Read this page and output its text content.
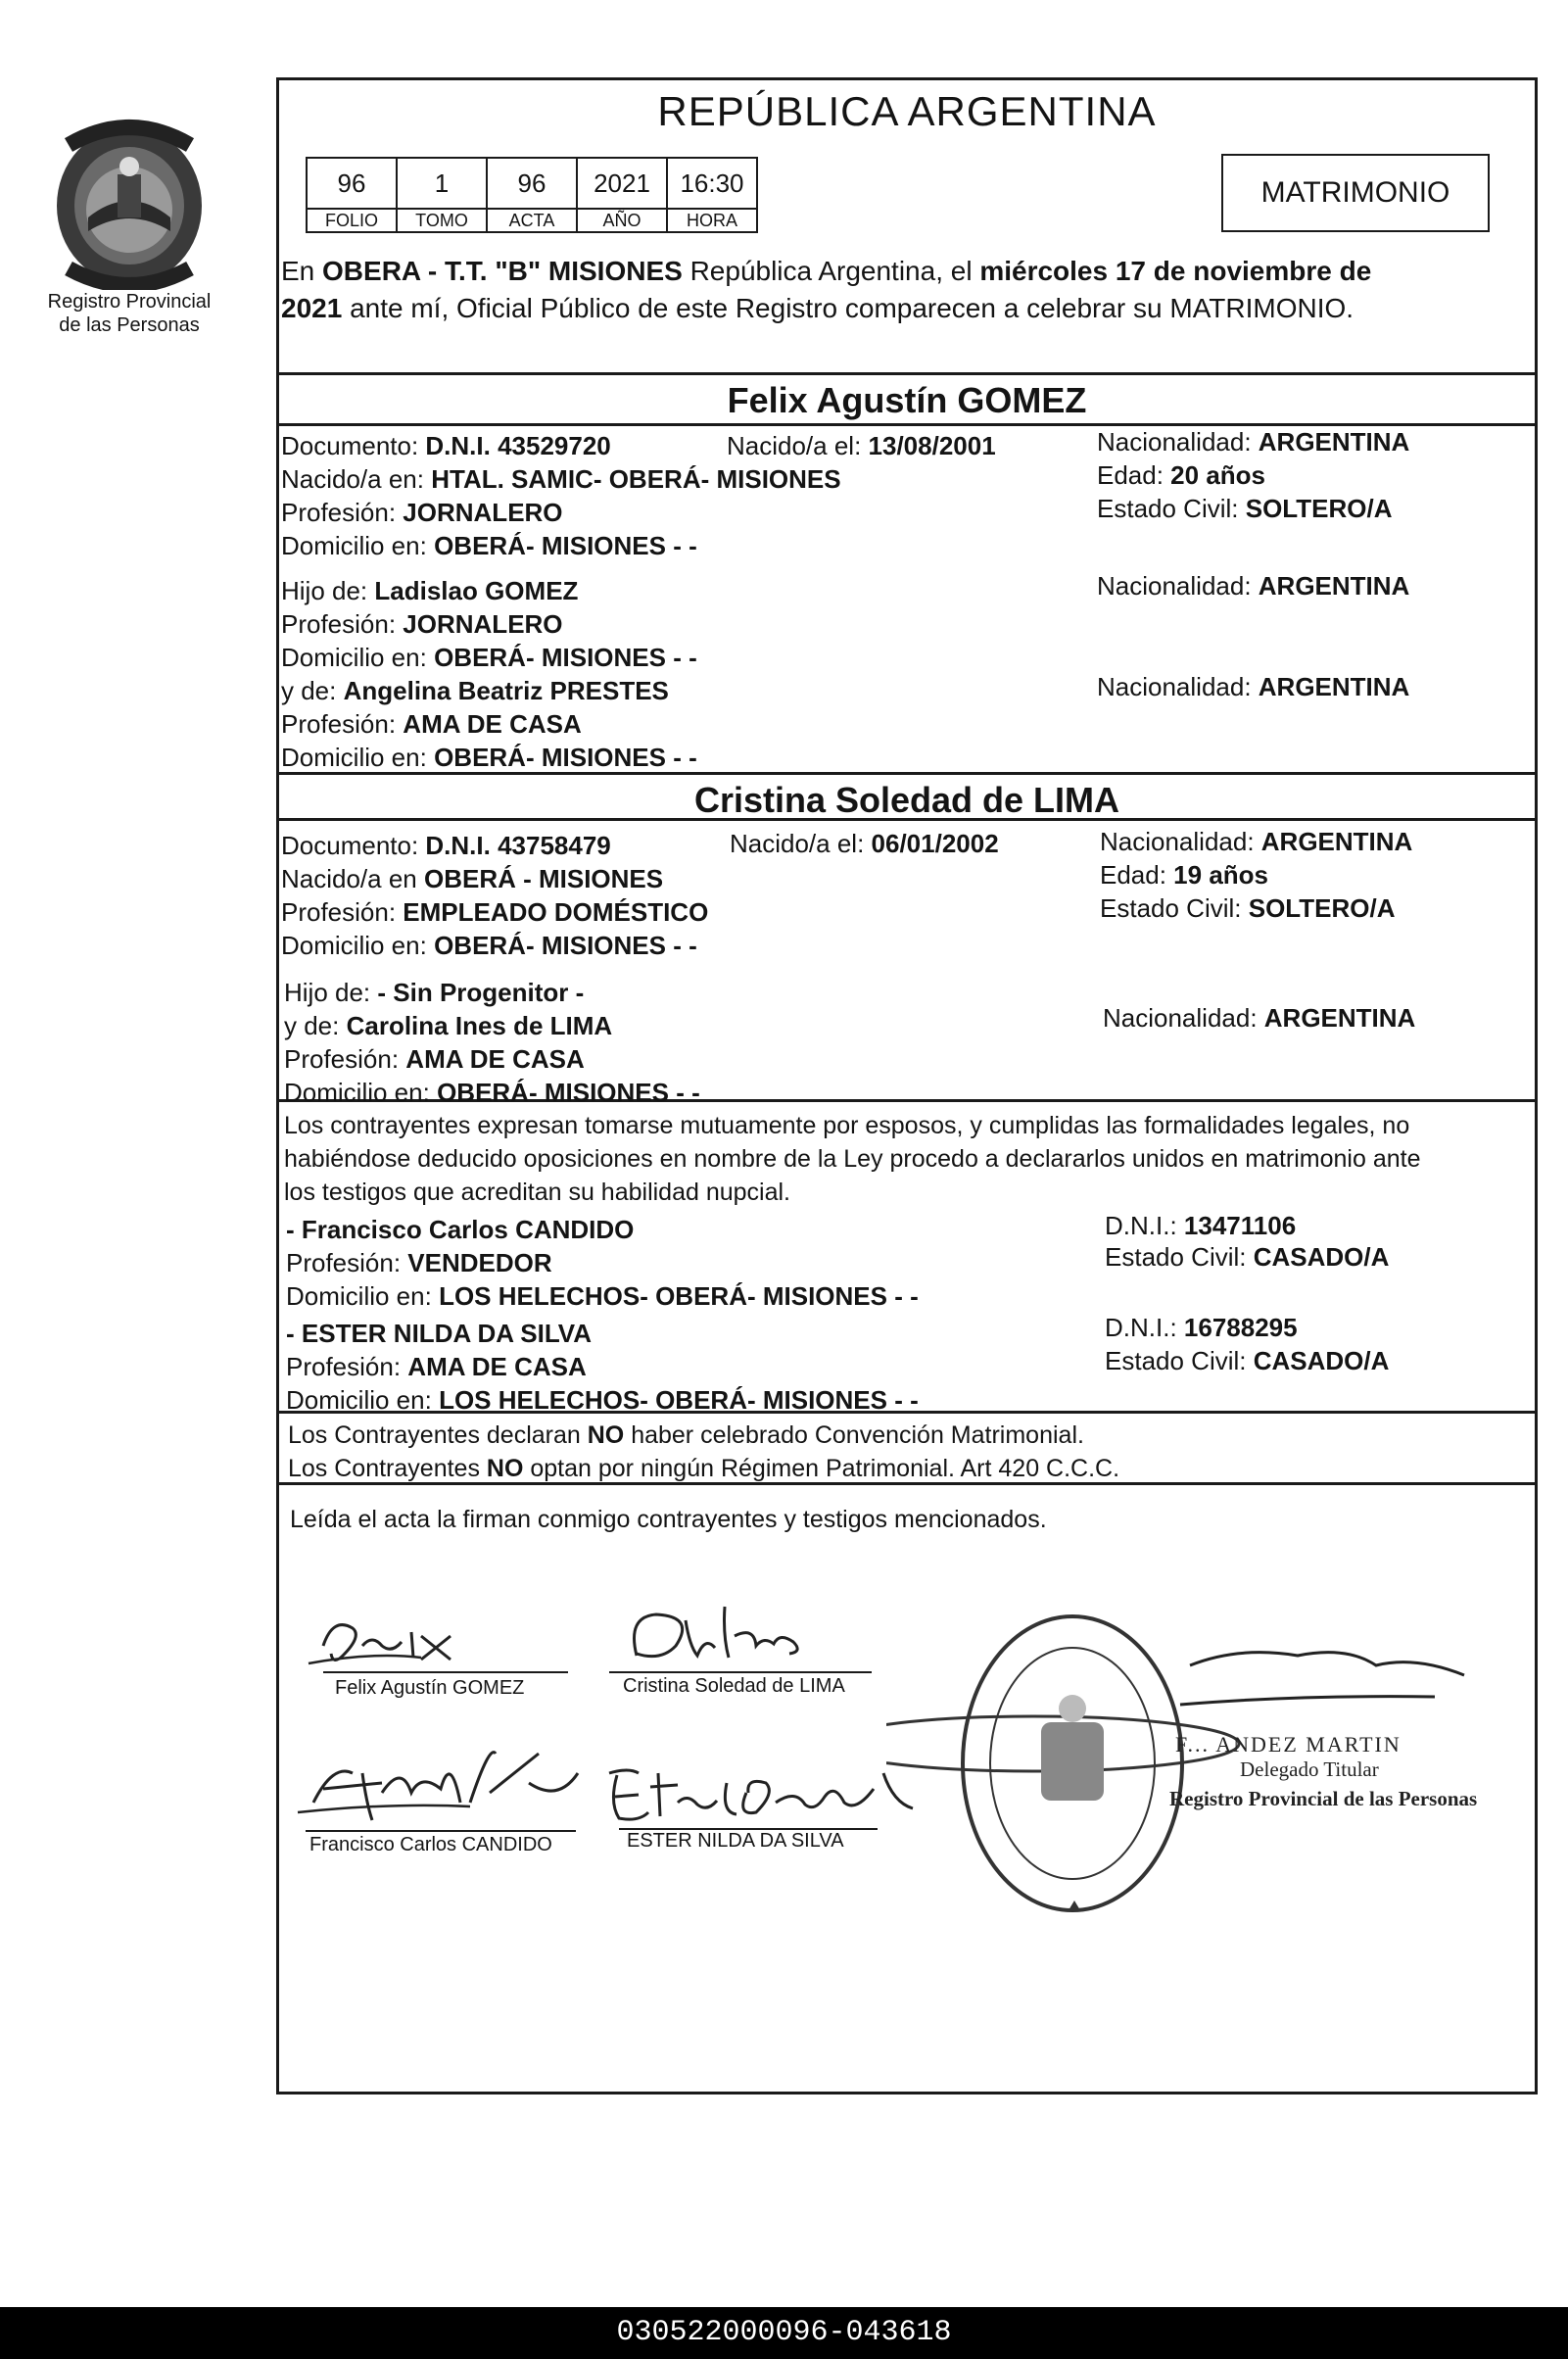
Registro Provincial
de las Personas
REPÚBLICA ARGENTINA
96	1	96	2021	16:30
FOLIO	TOMO	ACTA	AÑO	HORA
MATRIMONIO
En OBERA - T.T. "B" MISIONES República Argentina, el miércoles 17 de noviembre de
2021 ante mí, Oficial Público de este Registro comparecen a celebrar su MATRIMONIO.
Felix Agustín GOMEZ
Documento: D.N.I. 43529720	Nacido/a el: 13/08/2001	Nacionalidad: ARGENTINA
Nacido/a en: HTAL. SAMIC- OBERÁ- MISIONES	Edad: 20 años
Profesión: JORNALERO	Estado Civil: SOLTERO/A
Domicilio en: OBERÁ- MISIONES - -
Hijo de: Ladislao GOMEZ	Nacionalidad: ARGENTINA
Profesión: JORNALERO
Domicilio en: OBERÁ- MISIONES - -
y de: Angelina Beatriz PRESTES	Nacionalidad: ARGENTINA
Profesión: AMA DE CASA
Domicilio en: OBERÁ- MISIONES - -
Cristina Soledad de LIMA
Documento: D.N.I. 43758479	Nacido/a el: 06/01/2002	Nacionalidad: ARGENTINA
Nacido/a en OBERÁ - MISIONES	Edad: 19 años
Profesión: EMPLEADO DOMÉSTICO	Estado Civil: SOLTERO/A
Domicilio en: OBERÁ- MISIONES - -
Hijo de: - Sin Progenitor -
y de: Carolina Ines de LIMA	Nacionalidad: ARGENTINA
Profesión: AMA DE CASA
Domicilio en: OBERÁ- MISIONES - -
Los contrayentes expresan tomarse mutuamente por esposos, y cumplidas las formalidades legales, no
habiéndose deducido oposiciones en nombre de la Ley procedo a declararlos unidos en matrimonio ante
los testigos que acreditan su habilidad nupcial.
- Francisco Carlos CANDIDO	D.N.I.: 13471106
Profesión: VENDEDOR	Estado Civil: CASADO/A
Domicilio en: LOS HELECHOS- OBERÁ- MISIONES - -
- ESTER NILDA DA SILVA	D.N.I.: 16788295
Profesión: AMA DE CASA	Estado Civil: CASADO/A
Domicilio en: LOS HELECHOS- OBERÁ- MISIONES - -
Los Contrayentes declaran NO haber celebrado Convención Matrimonial.
Los Contrayentes NO optan por ningún Régimen Patrimonial. Art 420 C.C.C.
Leída el acta la firman conmigo contrayentes y testigos mencionados.
Felix Agustín GOMEZ	Cristina Soledad de LIMA
Francisco Carlos CANDIDO	ESTER NILDA DA SILVA
F... ANDEZ MARTIN
Delegado Titular
Registro Provincial de las Personas
030522000096-043618
